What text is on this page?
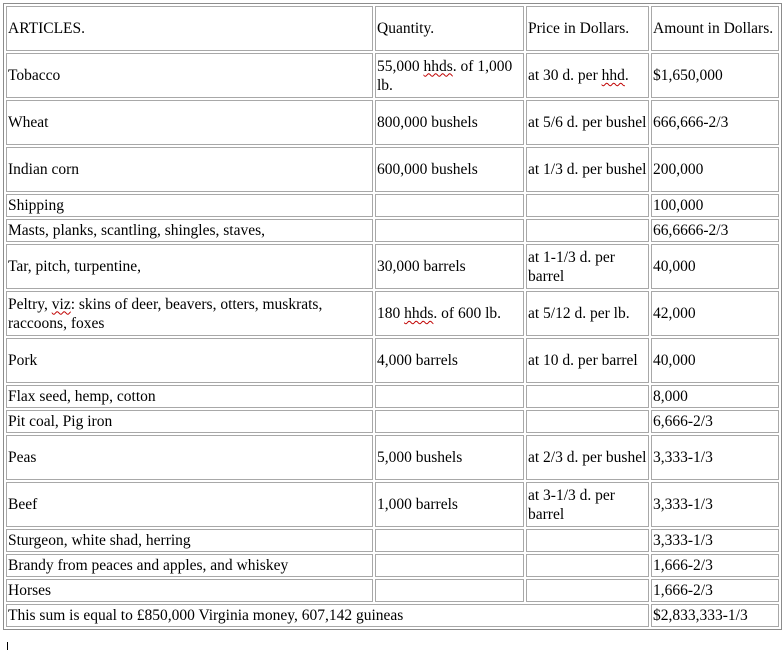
ARTICLES.	Quantity.	Price in Dollars.	Amount in Dollars.
Tobacco	55,000 hhds. of 1,000 lb.	at 30 d. per hhd.	$1,650,000
Wheat	800,000 bushels	at 5/6 d. per bushel	666,666-2/3
Indian corn	600,000 bushels	at 1/3 d. per bushel	200,000
Shipping			100,000
Masts, planks, scantling, shingles, staves,			66,6666-2/3
Tar, pitch, turpentine,	30,000 barrels	at 1-1/3 d. per barrel	40,000
Peltry, viz: skins of deer, beavers, otters, muskrats, raccoons, foxes	180 hhds. of 600 lb.	at 5/12 d. per lb.	42,000
Pork	4,000 barrels	at 10 d. per barrel	40,000
Flax seed, hemp, cotton			8,000
Pit coal, Pig iron			6,666-2/3
Peas	5,000 bushels	at 2/3 d. per bushel	3,333-1/3
Beef	1,000 barrels	at 3-1/3 d. per barrel	3,333-1/3
Sturgeon, white shad, herring			3,333-1/3
Brandy from peaces and apples, and whiskey			1,666-2/3
Horses			1,666-2/3
This sum is equal to £850,000 Virginia money, 607,142 guineas			$2,833,333-1/3
